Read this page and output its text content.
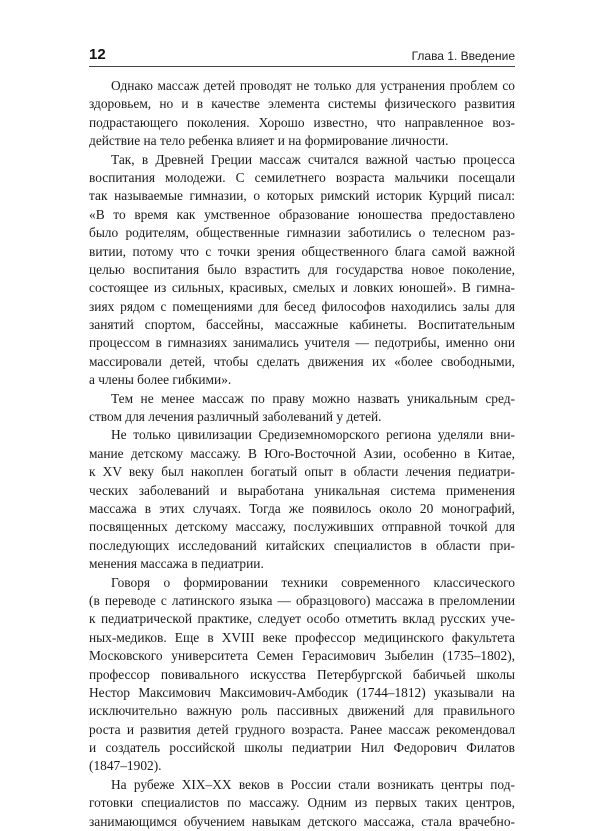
12	Глава 1. Введение
Однако массаж детей проводят не только для устранения проблем со
здоровьем, но и в качестве элемента системы физического развития
подрастающего поколения. Хорошо известно, что направленное воз-
действие на тело ребенка влияет и на формирование личности.
Так, в Древней Греции массаж считался важной частью процесса
воспитания молодежи. С семилетнего возраста мальчики посещали
так называемые гимназии, о которых римский историк Курций писал:
«В то время как умственное образование юношества предоставлено
было родителям, общественные гимназии заботились о телесном раз-
витии, потому что с точки зрения общественного блага самой важной
целью воспитания было взрастить для государства новое поколение,
состоящее из сильных, красивых, смелых и ловких юношей». В гимна-
зиях рядом с помещениями для бесед философов находились залы для
занятий спортом, бассейны, массажные кабинеты. Воспитательным
процессом в гимназиях занимались учителя — педотрибы, именно они
массировали детей, чтобы сделать движения их «более свободными,
а члены более гибкими».
Тем не менее массаж по праву можно назвать уникальным сред-
ством для лечения различный заболеваний у детей.
Не только цивилизации Средиземноморского региона уделяли вни-
мание детскому массажу. В Юго-Восточной Азии, особенно в Китае,
к XV веку был накоплен богатый опыт в области лечения педиатри-
ческих заболеваний и выработана уникальная система применения
массажа в этих случаях. Тогда же появилось около 20 монографий,
посвященных детскому массажу, послуживших отправной точкой для
последующих исследований китайских специалистов в области при-
менения массажа в педиатрии.
Говоря о формировании техники современного классического
(в переводе с латинского языка — образцового) массажа в преломлении
к педиатрической практике, следует особо отметить вклад русских уче-
ных-медиков. Еще в XVIII веке профессор медицинского факультета
Московского университета Семен Герасимович Зыбелин (1735–1802),
профессор повивального искусства Петербургской бабичьей школы
Нестор Максимович Максимович-Амбодик (1744–1812) указывали на
исключительно важную роль пассивных движений для правильного
роста и развития детей грудного возраста. Ранее массаж рекомендовал
и создатель российской школы педиатрии Нил Федорович Филатов
(1847–1902).
На рубеже XIX–XX веков в России стали возникать центры под-
готовки специалистов по массажу. Одним из первых таких центров,
занимающимся обучением навыкам детского массажа, стала врачебно-
